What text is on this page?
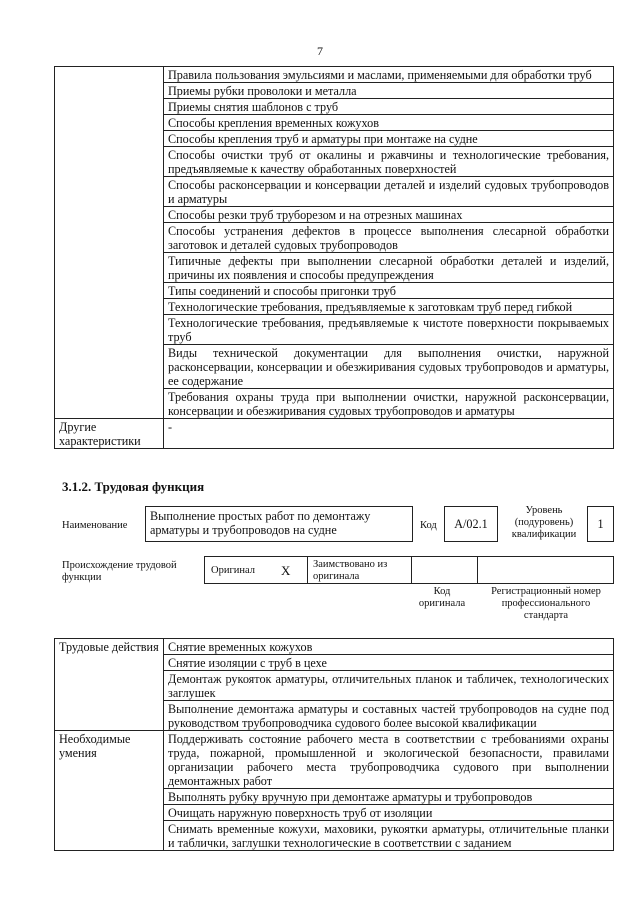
7
	Правила пользования эмульсиями и маслами, применяемыми для обработки труб
	Приемы рубки проволоки и металла
	Приемы снятия шаблонов с труб
	Способы крепления временных кожухов
	Способы крепления труб и арматуры при монтаже на судне
	Способы очистки труб от окалины и ржавчины и технологические требования, предъявляемые к качеству обработанных поверхностей
	Способы расконсервации и консервации деталей и изделий судовых трубопроводов и арматуры
	Способы резки труб труборезом и на отрезных машинах
	Способы устранения дефектов в процессе выполнения слесарной обработки заготовок и деталей судовых трубопроводов
	Типичные дефекты при выполнении слесарной обработки деталей и изделий, причины их появления и способы предупреждения
	Типы соединений и способы пригонки труб
	Технологические требования, предъявляемые к заготовкам труб перед гибкой
	Технологические требования, предъявляемые к чистоте поверхности покрываемых труб
	Виды технической документации для выполнения очистки, наружной расконсервации, консервации и обезжиривания судовых трубопроводов и арматуры, ее содержание
	Требования охраны труда при выполнении очистки, наружной расконсервации, консервации и обезжиривания судовых трубопроводов и арматуры
Другие характеристики	-
3.1.2. Трудовая функция
Наименование
Выполнение простых работ по демонтажу арматуры и трубопроводов на судне	Код	A/02.1
Уровень (подуровень) квалификации
1
Происхождение трудовой функции
Оригинал X Заимствовано из оригинала
Код оригинала
Регистрационный номер профессионального стандарта
Трудовые действия	Снятие временных кожухов
	Снятие изоляции с труб в цехе
	Демонтаж рукояток арматуры, отличительных планок и табличек, технологических заглушек
	Выполнение демонтажа арматуры и составных частей трубопроводов на судне под руководством трубопроводчика судового более высокой квалификации
Необходимые умения	Поддерживать состояние рабочего места в соответствии с требованиями охраны труда, пожарной, промышленной и экологической безопасности, правилами организации рабочего места трубопроводчика судового при выполнении демонтажных работ
	Выполнять рубку вручную при демонтаже арматуры и трубопроводов
	Очищать наружную поверхность труб от изоляции
	Снимать временные кожухи, маховики, рукоятки арматуры, отличительные планки и таблички, заглушки технологические в соответствии с заданием
